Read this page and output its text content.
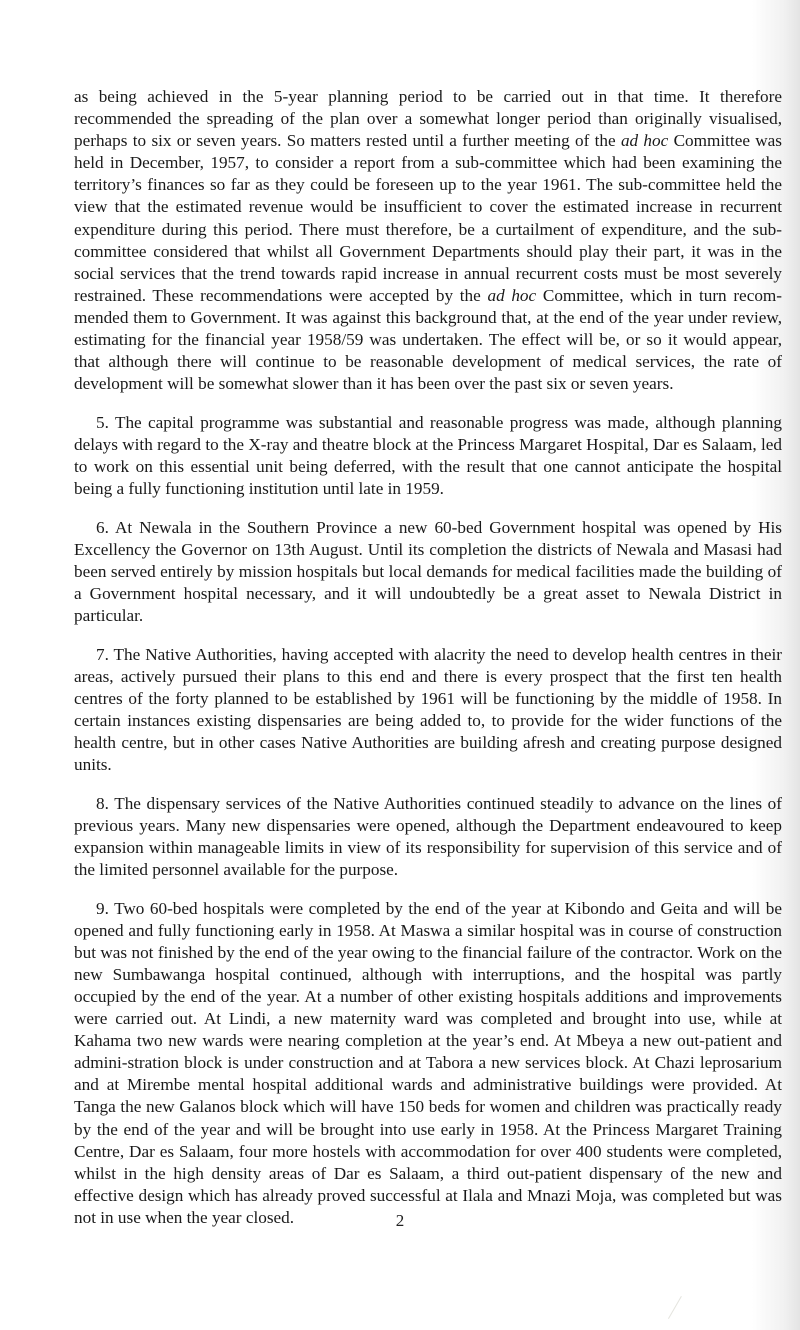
as being achieved in the 5-year planning period to be carried out in that time. It therefore recommended the spreading of the plan over a somewhat longer period than originally visualised, perhaps to six or seven years. So matters rested until a further meeting of the ad hoc Committee was held in December, 1957, to consider a report from a sub-committee which had been examining the territory’s finances so far as they could be foreseen up to the year 1961. The sub-committee held the view that the estimated revenue would be insufficient to cover the estimated increase in recurrent expenditure during this period. There must therefore, be a curtailment of expenditure, and the sub-committee considered that whilst all Government Departments should play their part, it was in the social services that the trend towards rapid increase in annual recurrent costs must be most severely restrained. These recommendations were accepted by the ad hoc Committee, which in turn recom-mended them to Government. It was against this background that, at the end of the year under review, estimating for the financial year 1958/59 was undertaken. The effect will be, or so it would appear, that although there will continue to be reasonable development of medical services, the rate of development will be somewhat slower than it has been over the past six or seven years.

5. The capital programme was substantial and reasonable progress was made, although planning delays with regard to the X-ray and theatre block at the Princess Margaret Hospital, Dar es Salaam, led to work on this essential unit being deferred, with the result that one cannot anticipate the hospital being a fully functioning institution until late in 1959.

6. At Newala in the Southern Province a new 60-bed Government hospital was opened by His Excellency the Governor on 13th August. Until its completion the districts of Newala and Masasi had been served entirely by mission hospitals but local demands for medical facilities made the building of a Government hospital necessary, and it will undoubtedly be a great asset to Newala District in particular.

7. The Native Authorities, having accepted with alacrity the need to develop health centres in their areas, actively pursued their plans to this end and there is every prospect that the first ten health centres of the forty planned to be established by 1961 will be functioning by the middle of 1958. In certain instances existing dispensaries are being added to, to provide for the wider functions of the health centre, but in other cases Native Authorities are building afresh and creating purpose designed units.

8. The dispensary services of the Native Authorities continued steadily to advance on the lines of previous years. Many new dispensaries were opened, although the Department endeavoured to keep expansion within manageable limits in view of its responsibility for supervision of this service and of the limited personnel available for the purpose.

9. Two 60-bed hospitals were completed by the end of the year at Kibondo and Geita and will be opened and fully functioning early in 1958. At Maswa a similar hospital was in course of construction but was not finished by the end of the year owing to the financial failure of the contractor. Work on the new Sumbawanga hospital continued, although with interruptions, and the hospital was partly occupied by the end of the year. At a number of other existing hospitals additions and improvements were carried out. At Lindi, a new maternity ward was completed and brought into use, while at Kahama two new wards were nearing completion at the year’s end. At Mbeya a new out-patient and admini-stration block is under construction and at Tabora a new services block. At Chazi leprosarium and at Mirembe mental hospital additional wards and administrative buildings were provided. At Tanga the new Galanos block which will have 150 beds for women and children was practically ready by the end of the year and will be brought into use early in 1958. At the Princess Margaret Training Centre, Dar es Salaam, four more hostels with accommodation for over 400 students were completed, whilst in the high density areas of Dar es Salaam, a third out-patient dispensary of the new and effective design which has already proved successful at Ilala and Mnazi Moja, was completed but was not in use when the year closed.	2
